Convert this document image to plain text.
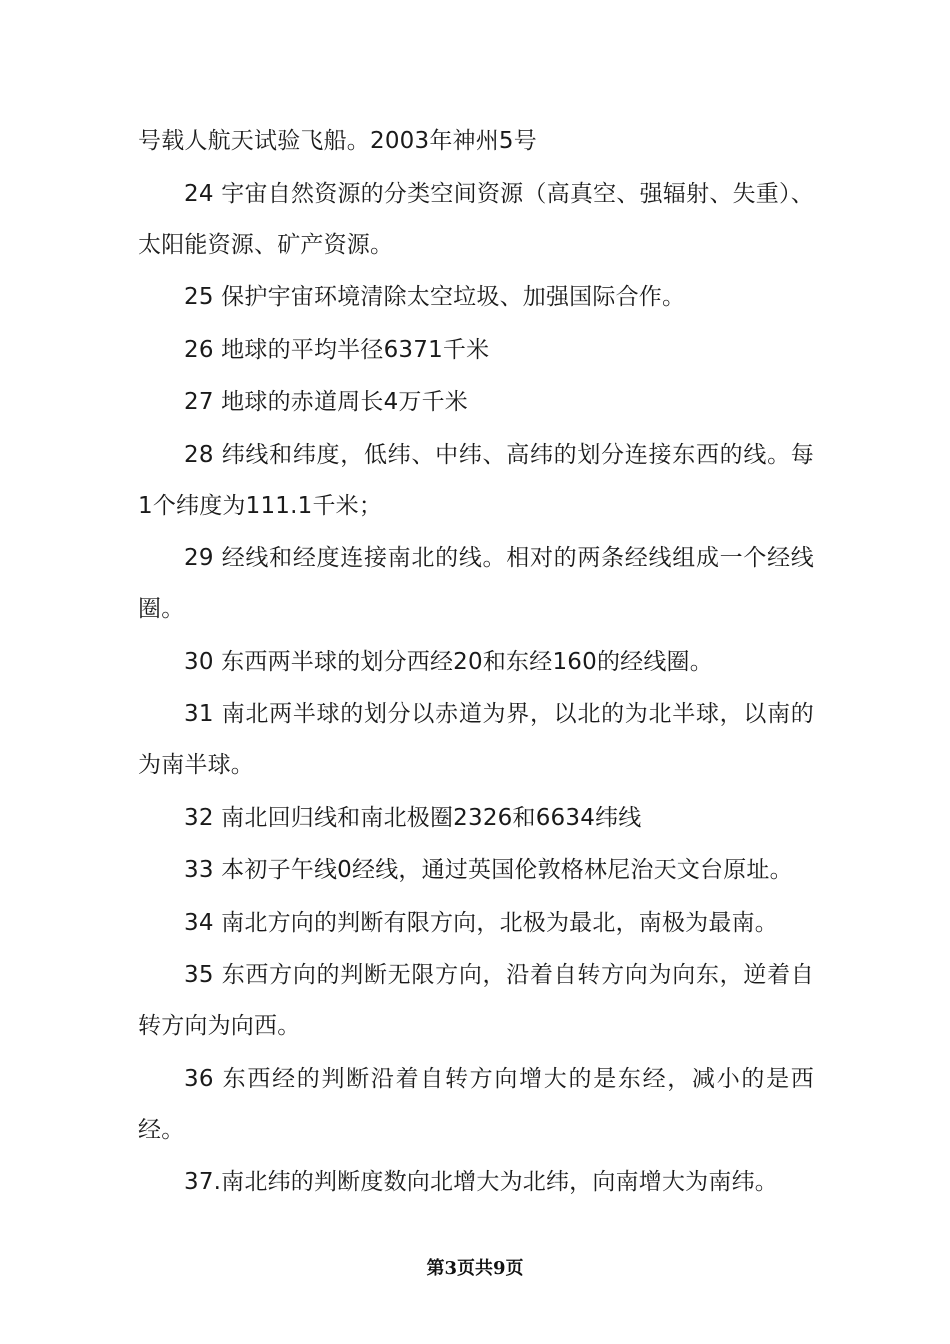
号载人航天试验飞船。2003年神州5号

24 宇宙自然资源的分类空间资源（高真空、强辐射、失重）、太阳能资源、矿产资源。

25 保护宇宙环境清除太空垃圾、加强国际合作。

26 地球的平均半径6371千米

27 地球的赤道周长4万千米

28 纬线和纬度，低纬、中纬、高纬的划分连接东西的线。每1个纬度为111.1千米；

29 经线和经度连接南北的线。相对的两条经线组成一个经线圈。

30 东西两半球的划分西经20和东经160的经线圈。

31 南北两半球的划分以赤道为界，以北的为北半球，以南的为南半球。

32 南北回归线和南北极圈2326和6634纬线

33 本初子午线0经线，通过英国伦敦格林尼治天文台原址。

34 南北方向的判断有限方向，北极为最北，南极为最南。

35 东西方向的判断无限方向，沿着自转方向为向东，逆着自转方向为向西。

36 东西经的判断沿着自转方向增大的是东经，减小的是西经。

37.南北纬的判断度数向北增大为北纬，向南增大为南纬。

第3页共9页
